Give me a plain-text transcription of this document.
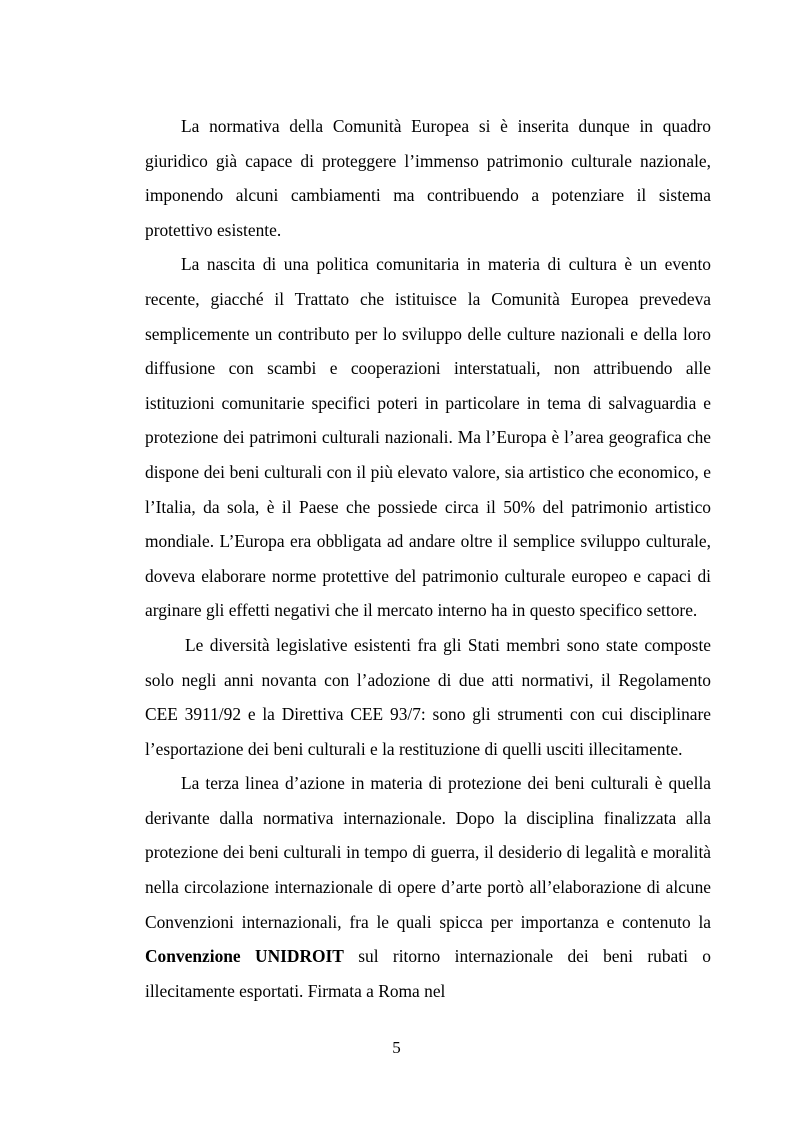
La normativa della Comunità Europea si è inserita dunque in quadro giuridico già capace di proteggere l’immenso patrimonio culturale nazionale, imponendo alcuni cambiamenti ma contribuendo a potenziare il sistema protettivo esistente.

La nascita di una politica comunitaria in materia di cultura è un evento recente, giacché il Trattato che istituisce la Comunità Europea prevedeva semplicemente un contributo per lo sviluppo delle culture nazionali e della loro diffusione con scambi e cooperazioni interstatuali, non attribuendo alle istituzioni comunitarie specifici poteri in particolare in tema di salvaguardia e protezione dei patrimoni culturali nazionali. Ma l’Europa è l’area geografica che dispone dei beni culturali con il più elevato valore, sia artistico che economico, e l’Italia, da sola, è il Paese che possiede circa il 50% del patrimonio artistico mondiale. L’Europa era obbligata ad andare oltre il semplice sviluppo culturale, doveva elaborare norme protettive del patrimonio culturale europeo e capaci di arginare gli effetti negativi che il mercato interno ha in questo specifico settore.

Le diversità legislative esistenti fra gli Stati membri sono state composte solo negli anni novanta con l’adozione di due atti normativi, il Regolamento CEE 3911/92 e la Direttiva CEE 93/7: sono gli strumenti con cui disciplinare l’esportazione dei beni culturali e la restituzione di quelli usciti illecitamente.

La terza linea d’azione in materia di protezione dei beni culturali è quella derivante dalla normativa internazionale. Dopo la disciplina finalizzata alla protezione dei beni culturali in tempo di guerra, il desiderio di legalità e moralità nella circolazione internazionale di opere d’arte portò all’elaborazione di alcune Convenzioni internazionali, fra le quali spicca per importanza e contenuto la Convenzione UNIDROIT sul ritorno internazionale dei beni rubati o illecitamente esportati. Firmata a Roma nel

5
